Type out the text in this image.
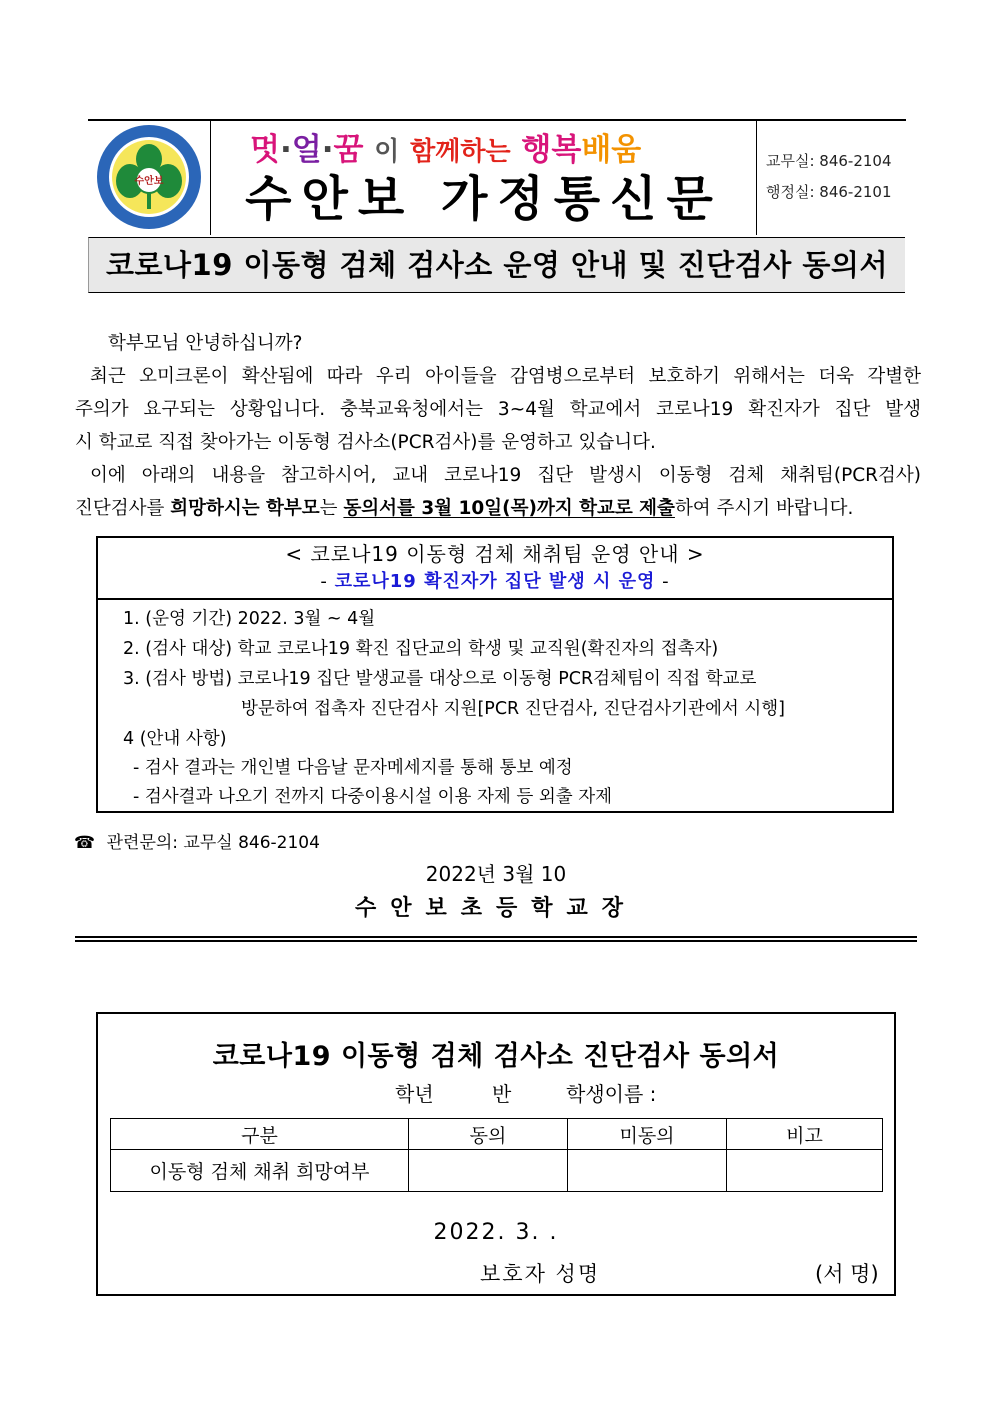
수안보
멋·얼·꿈 이 함께하는 행복배움
수안보 가정통신문
교무실: 846-2104
행정실: 846-2101
코로나19 이동형 검체 검사소 운영 안내 및 진단검사 동의서
학부모님 안녕하십니까?
최근 오미크론이 확산됨에 따라 우리 아이들을 감염병으로부터 보호하기 위해서는 더욱 각별한
주의가 요구되는 상황입니다. 충북교육청에서는 3~4월 학교에서 코로나19 확진자가 집단 발생
시 학교로 직접 찾아가는 이동형 검사소(PCR검사)를 운영하고 있습니다.
이에 아래의 내용을 참고하시어, 교내 코로나19 집단 발생시 이동형 검체 채취팀(PCR검사)
진단검사를 희망하시는 학부모는 동의서를 3월 10일(목)까지 학교로 제출하여 주시기 바랍니다.
< 코로나19 이동형 검체 채취팀 운영 안내 >
- 코로나19 확진자가 집단 발생 시 운영 -
1. (운영 기간) 2022. 3월 ~ 4월
2. (검사 대상) 학교 코로나19 확진 집단교의 학생 및 교직원(확진자의 접촉자)
3. (검사 방법) 코로나19 집단 발생교를 대상으로 이동형 PCR검체팀이 직접 학교로
방문하여 접촉자 진단검사 지원[PCR 진단검사, 진단검사기관에서 시행]
4 (안내 사항)
- 검사 결과는 개인별 다음날 문자메세지를 통해 통보 예정
- 검사결과 나오기 전까지 다중이용시설 이용 자제 등 외출 자제
☎ 관련문의: 교무실 846-2104
2022년 3월 10
수안보초등학교장
코로나19 이동형 검체 검사소 진단검사 동의서
학년	반	학생이름 :
구분	동의	미동의	비고
이동형 검체 채취 희망여부			
2022. 3. .
보호자 성명	(서 명)
